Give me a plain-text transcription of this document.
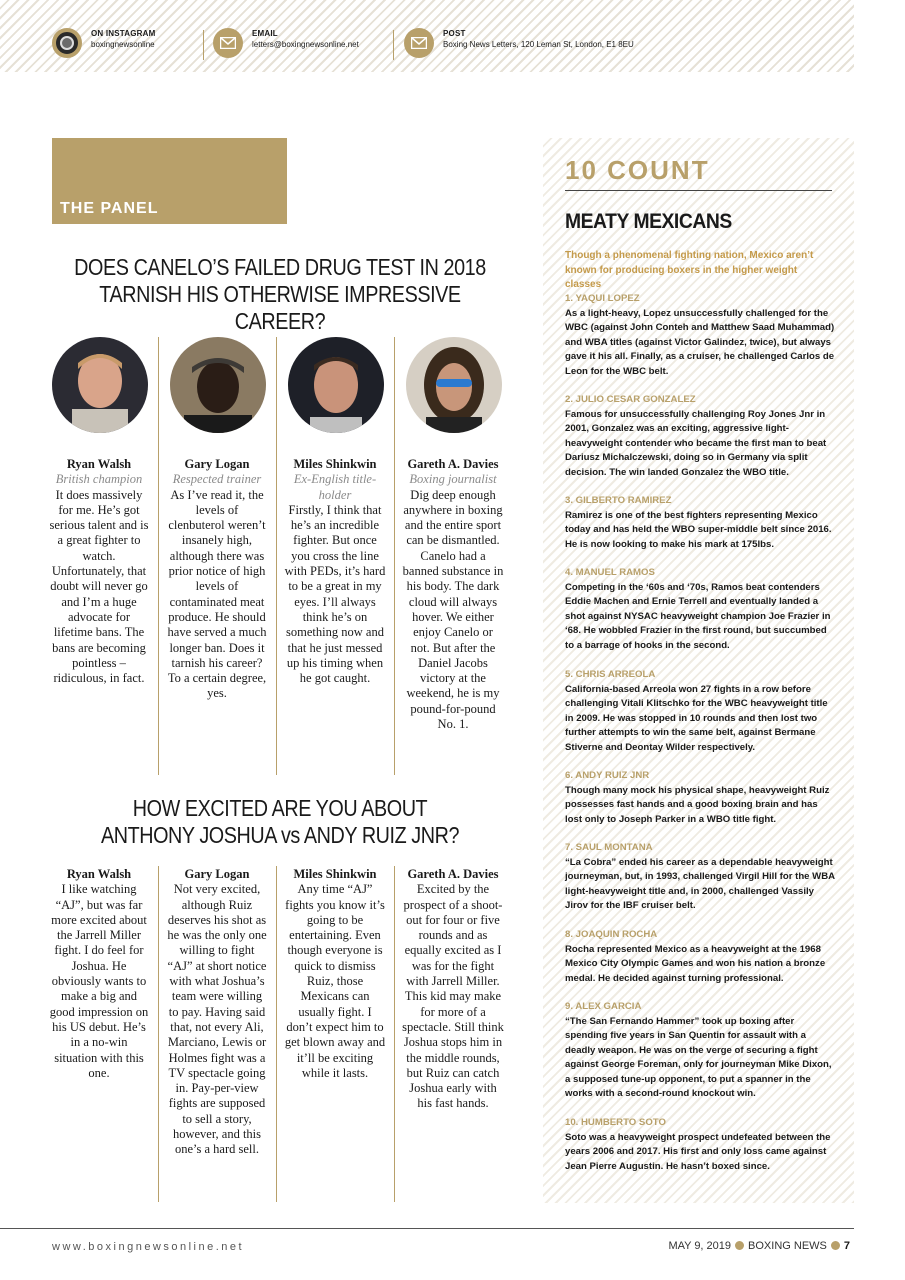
ON INSTAGRAM
boxingnewsonline
EMAIL
letters@boxingnewsonline.net
POST
Boxing News Letters, 120 Leman St, London, E1 8EU
THE PANEL
DOES CANELO’S FAILED DRUG TEST IN 2018
TARNISH HIS OTHERWISE IMPRESSIVE CAREER?
Ryan Walsh
British champion
It does massively for me. He’s got serious talent and is a great fighter to watch. Unfortunately, that doubt will never go and I’m a huge advocate for lifetime bans. The bans are becoming pointless – ridiculous, in fact.
Gary Logan
Respected trainer
As I’ve read it, the levels of clenbuterol weren’t insanely high, although there was prior notice of high levels of contaminated meat produce. He should have served a much longer ban. Does it tarnish his career? To a certain degree, yes.
Miles Shinkwin
Ex-English title-holder
Firstly, I think that he’s an incredible fighter. But once you cross the line with PEDs, it’s hard to be a great in my eyes. I’ll always think he’s on something now and that he just messed up his timing when he got caught.
Gareth A. Davies
Boxing journalist
Dig deep enough anywhere in boxing and the entire sport can be dismantled. Canelo had a banned substance in his body. The dark cloud will always hover. We either enjoy Canelo or not. But after the Daniel Jacobs victory at the weekend, he is my pound-for-pound No. 1.
HOW EXCITED ARE YOU ABOUT
ANTHONY JOSHUA vs ANDY RUIZ JNR?
Ryan Walsh
I like watching “AJ”, but was far more excited about the Jarrell Miller fight. I do feel for Joshua. He obviously wants to make a big and good impression on his US debut. He’s in a no-win situation with this one.
Gary Logan
Not very excited, although Ruiz deserves his shot as he was the only one willing to fight “AJ” at short notice with what Joshua’s team were willing to pay. Having said that, not every Ali, Marciano, Lewis or Holmes fight was a TV spectacle going in. Pay-per-view fights are supposed to sell a story, however, and this one’s a hard sell.
Miles Shinkwin
Any time “AJ” fights you know it’s going to be entertaining. Even though everyone is quick to dismiss Ruiz, those Mexicans can usually fight. I don’t expect him to get blown away and it’ll be exciting while it lasts.
Gareth A. Davies
Excited by the prospect of a shoot-out for four or five rounds and as equally excited as I was for the fight with Jarrell Miller. This kid may make for more of a spectacle. Still think Joshua stops him in the middle rounds, but Ruiz can catch Joshua early with his fast hands.
10 COUNT
MEATY MEXICANS
Though a phenomenal fighting nation, Mexico aren’t known for producing boxers in the higher weight classes
1. YAQUI LOPEZ
As a light-heavy, Lopez unsuccessfully challenged for the WBC (against John Conteh and Matthew Saad Muhammad) and WBA titles (against Victor Galindez, twice), but always gave it his all. Finally, as a cruiser, he challenged Carlos de Leon for the WBC belt.
2. JULIO CESAR GONZALEZ
Famous for unsuccessfully challenging Roy Jones Jnr in 2001, Gonzalez was an exciting, aggressive light-heavyweight contender who became the first man to beat Dariusz Michalczewski, doing so in Germany via split decision. The win landed Gonzalez the WBO title.
3. GILBERTO RAMIREZ
Ramirez is one of the best fighters representing Mexico today and has held the WBO super-middle belt since 2016. He is now looking to make his mark at 175lbs.
4. MANUEL RAMOS
Competing in the ‘60s and ‘70s, Ramos beat contenders Eddie Machen and Ernie Terrell and eventually landed a shot against NYSAC heavyweight champion Joe Frazier in ‘68. He wobbled Frazier in the first round, but succumbed to a barrage of hooks in the second.
5. CHRIS ARREOLA
California-based Arreola won 27 fights in a row before challenging Vitali Klitschko for the WBC heavyweight title in 2009. He was stopped in 10 rounds and then lost two further attempts to win the same belt, against Bermane Stiverne and Deontay Wilder respectively.
6. ANDY RUIZ JNR
Though many mock his physical shape, heavyweight Ruiz possesses fast hands and a good boxing brain and has lost only to Joseph Parker in a WBO title fight.
7. SAUL MONTANA
“La Cobra” ended his career as a dependable heavyweight journeyman, but, in 1993, challenged Virgil Hill for the WBA light-heavyweight title and, in 2000, challenged Vassily Jirov for the IBF cruiser belt.
8. JOAQUIN ROCHA
Rocha represented Mexico as a heavyweight at the 1968 Mexico City Olympic Games and won his nation a bronze medal. He decided against turning professional.
9. ALEX GARCIA
“The San Fernando Hammer” took up boxing after spending five years in San Quentin for assault with a deadly weapon. He was on the verge of securing a fight against George Foreman, only for journeyman Mike Dixon, a supposed tune-up opponent, to put a spanner in the works with a second-round knockout win.
10. HUMBERTO SOTO
Soto was a heavyweight prospect undefeated between the years 2006 and 2017. His first and only loss came against Jean Pierre Augustin. He hasn’t boxed since.
www.boxingnewsonline.net	MAY 9, 2019 BOXING NEWS 7
